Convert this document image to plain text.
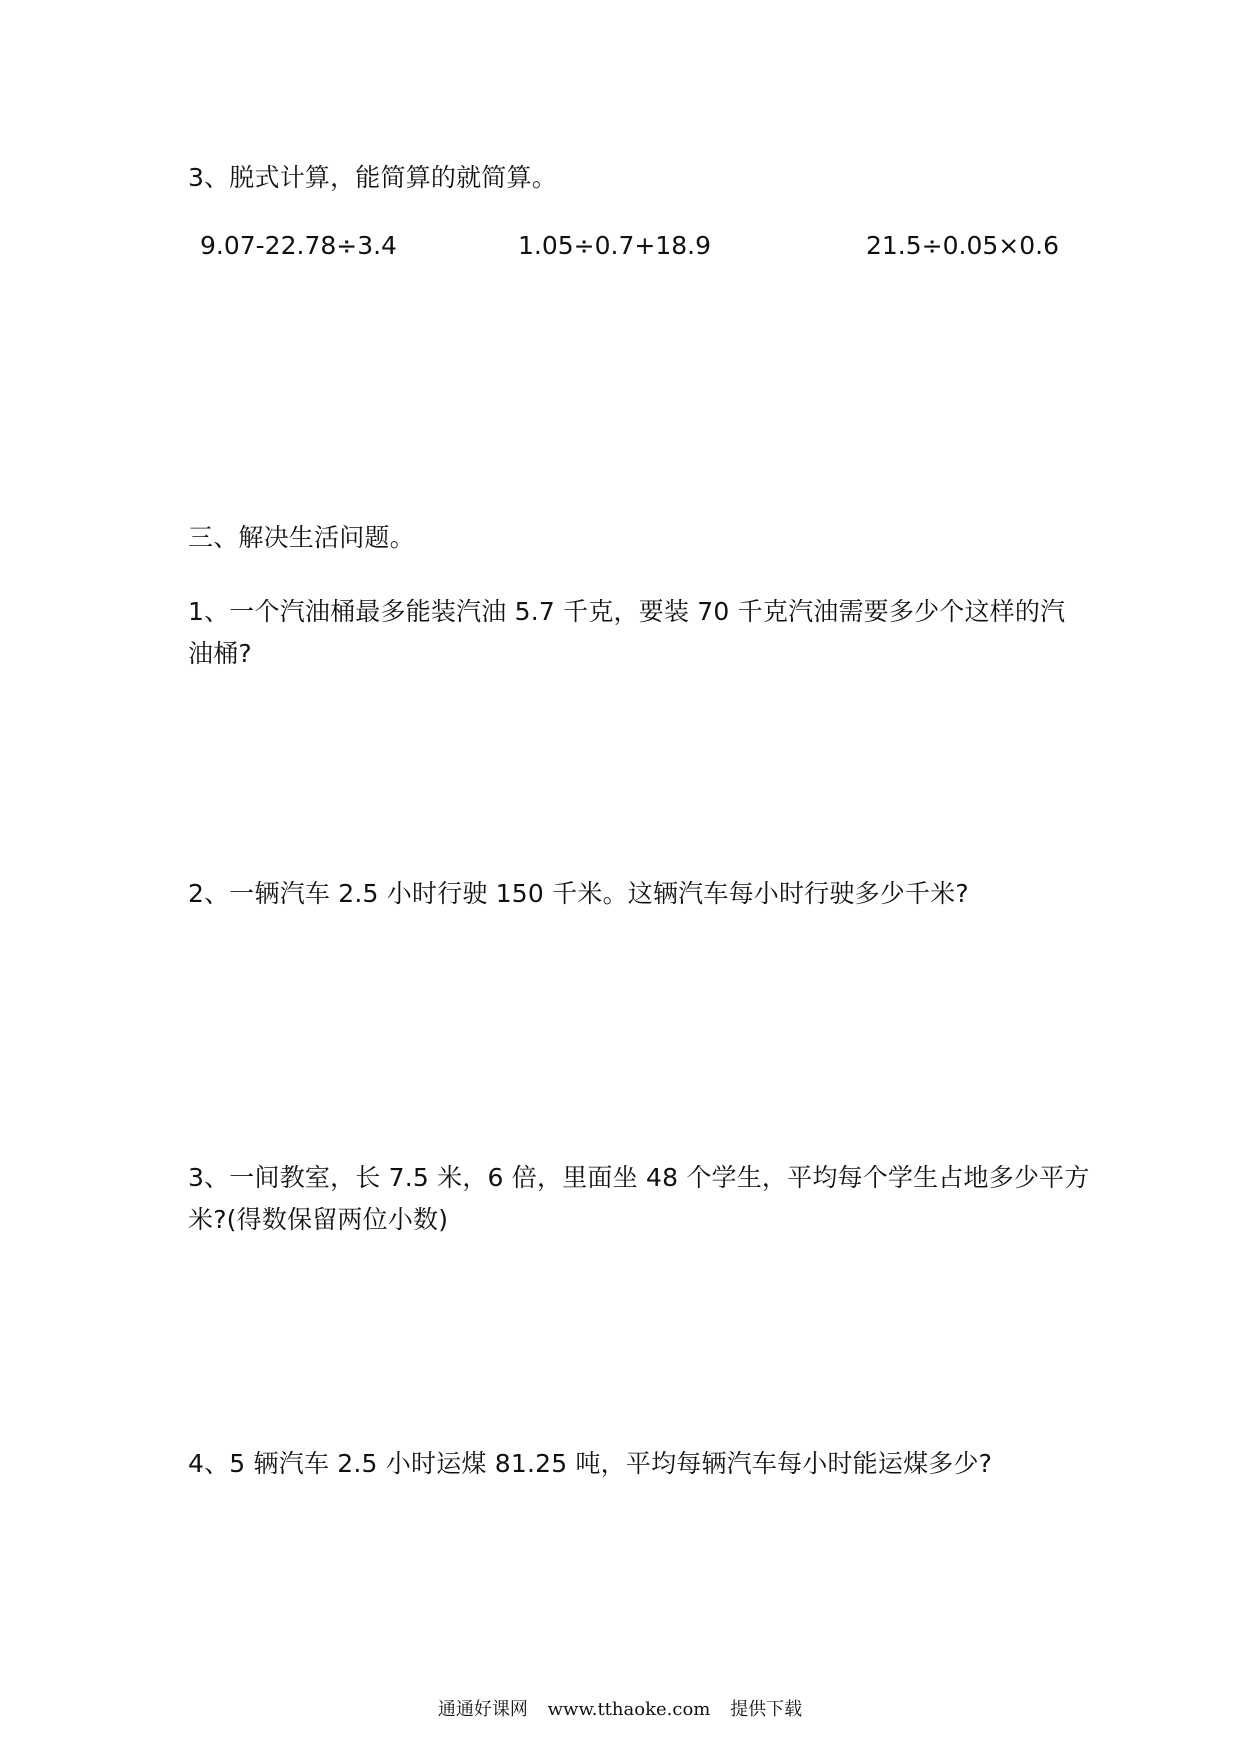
3、脱式计算，能简算的就简算。
9.07-22.78÷3.4	1.05÷0.7+18.9	21.5÷0.05×0.6
三、解决生活问题。
1、一个汽油桶最多能装汽油 5.7 千克，要装 70 千克汽油需要多少个这样的汽
油桶?
2、一辆汽车 2.5 小时行驶 150 千米。这辆汽车每小时行驶多少千米?
3、一间教室，长 7.5 米，6 倍，里面坐 48 个学生，平均每个学生占地多少平方
米?(得数保留两位小数)
4、5 辆汽车 2.5 小时运煤 81.25 吨，平均每辆汽车每小时能运煤多少?
通通好课网 www.tthaoke.com 提供下载
